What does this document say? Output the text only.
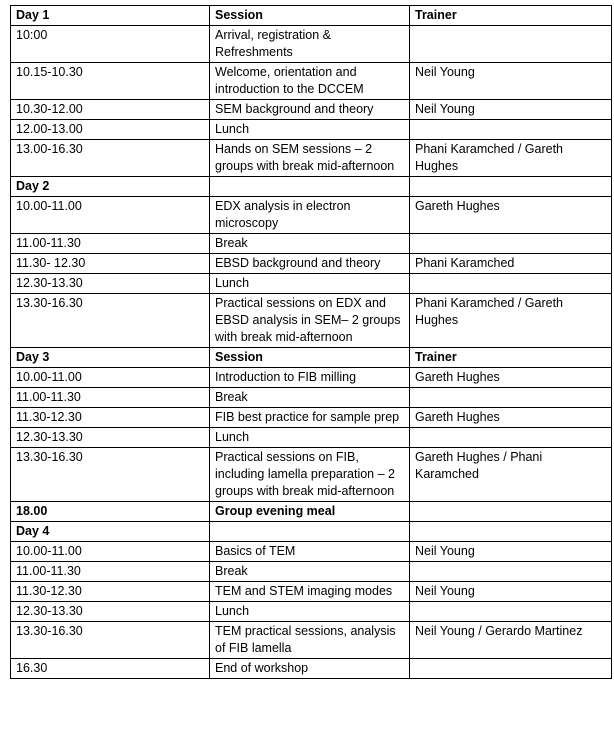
Day 1	Session	Trainer
10:00	Arrival, registration & Refreshments	
10.15-10.30	Welcome, orientation and introduction to the DCCEM	Neil Young
10.30-12.00	SEM background and theory	Neil Young
12.00-13.00	Lunch	
13.00-16.30	Hands on SEM sessions – 2 groups with break mid-afternoon	Phani Karamched / Gareth Hughes
Day 2		
10.00-11.00	EDX analysis in electron microscopy	Gareth Hughes
11.00-11.30	Break	
11.30- 12.30	EBSD background and theory	Phani Karamched
12.30-13.30	Lunch	
13.30-16.30	Practical sessions on EDX and EBSD analysis in SEM– 2 groups with break mid-afternoon	Phani Karamched / Gareth Hughes
Day 3	Session	Trainer
10.00-11.00	Introduction to FIB milling	Gareth Hughes
11.00-11.30	Break	
11.30-12.30	FIB best practice for sample prep	Gareth Hughes
12.30-13.30	Lunch	
13.30-16.30	Practical sessions on FIB, including lamella preparation – 2 groups with break mid-afternoon	Gareth Hughes / Phani Karamched
18.00	Group evening meal	
Day 4		
10.00-11.00	Basics of TEM	Neil Young
11.00-11.30	Break	
11.30-12.30	TEM and STEM imaging modes	Neil Young
12.30-13.30	Lunch	
13.30-16.30	TEM practical sessions, analysis of FIB lamella	Neil Young / Gerardo Martinez
16.30	End of workshop	
